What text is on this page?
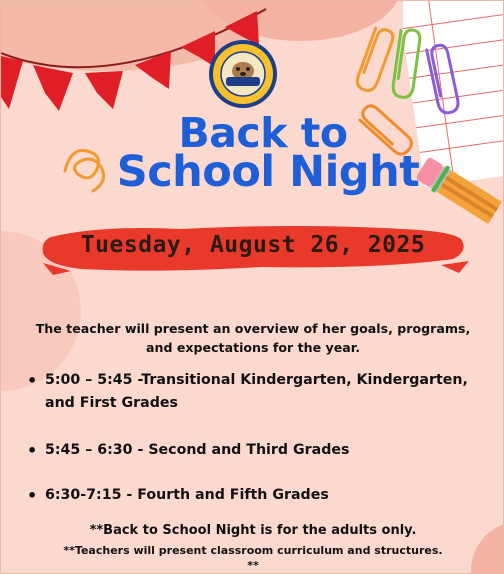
Back to
School Night
Tuesday, August 26, 2025
The teacher will present an overview of her goals, programs, and expectations for the year.
• 5:00 – 5:45 -Transitional Kindergarten, Kindergarten, and First Grades
• 5:45 – 6:30 - Second and Third Grades
• 6:30-7:15 - Fourth and Fifth Grades
**Back to School Night is for the adults only.
**Teachers will present classroom curriculum and structures.
**
